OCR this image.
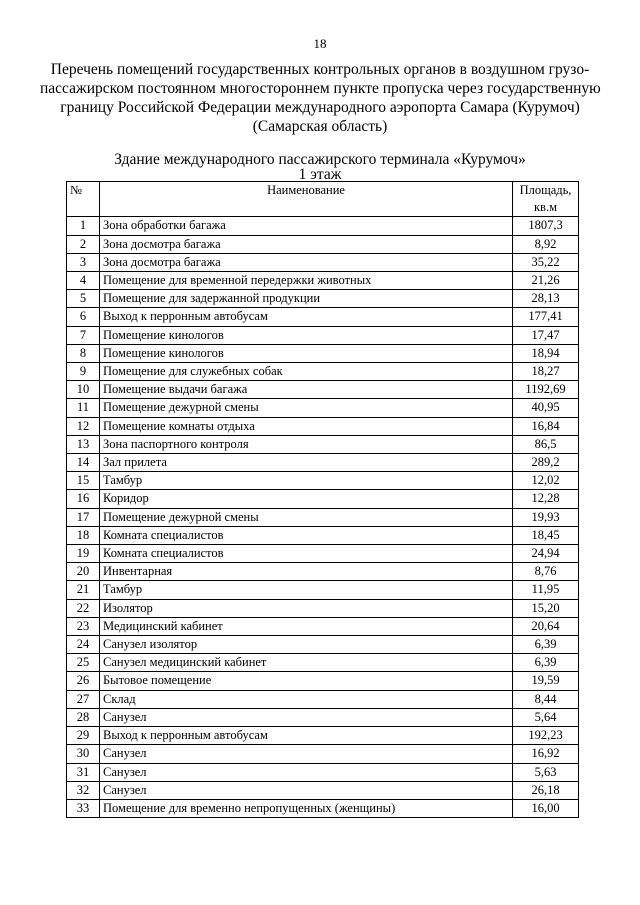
18
Перечень помещений государственных контрольных органов в воздушном грузо-
пассажирском постоянном многостороннем пункте пропуска через государственную
границу Российской Федерации международного аэропорта Самара (Курумоч)
(Самарская область)
Здание международного пассажирского терминала «Курумоч»
1 этаж
№	Наименование	Площадь,
кв.м
1	Зона обработки багажа	1807,3
2	Зона досмотра багажа	8,92
3	Зона досмотра багажа	35,22
4	Помещение для временной передержки животных	21,26
5	Помещение для задержанной продукции	28,13
6	Выход к перронным автобусам	177,41
7	Помещение кинологов	17,47
8	Помещение кинологов	18,94
9	Помещение для служебных собак	18,27
10	Помещение выдачи багажа	1192,69
11	Помещение дежурной смены	40,95
12	Помещение комнаты отдыха	16,84
13	Зона паспортного контроля	86,5
14	Зал прилета	289,2
15	Тамбур	12,02
16	Коридор	12,28
17	Помещение дежурной смены	19,93
18	Комната специалистов	18,45
19	Комната специалистов	24,94
20	Инвентарная	8,76
21	Тамбур	11,95
22	Изолятор	15,20
23	Медицинский кабинет	20,64
24	Санузел изолятор	6,39
25	Санузел медицинский кабинет	6,39
26	Бытовое помещение	19,59
27	Склад	8,44
28	Санузел	5,64
29	Выход к перронным автобусам	192,23
30	Санузел	16,92
31	Санузел	5,63
32	Санузел	26,18
33	Помещение для временно непропущенных (женщины)	16,00
